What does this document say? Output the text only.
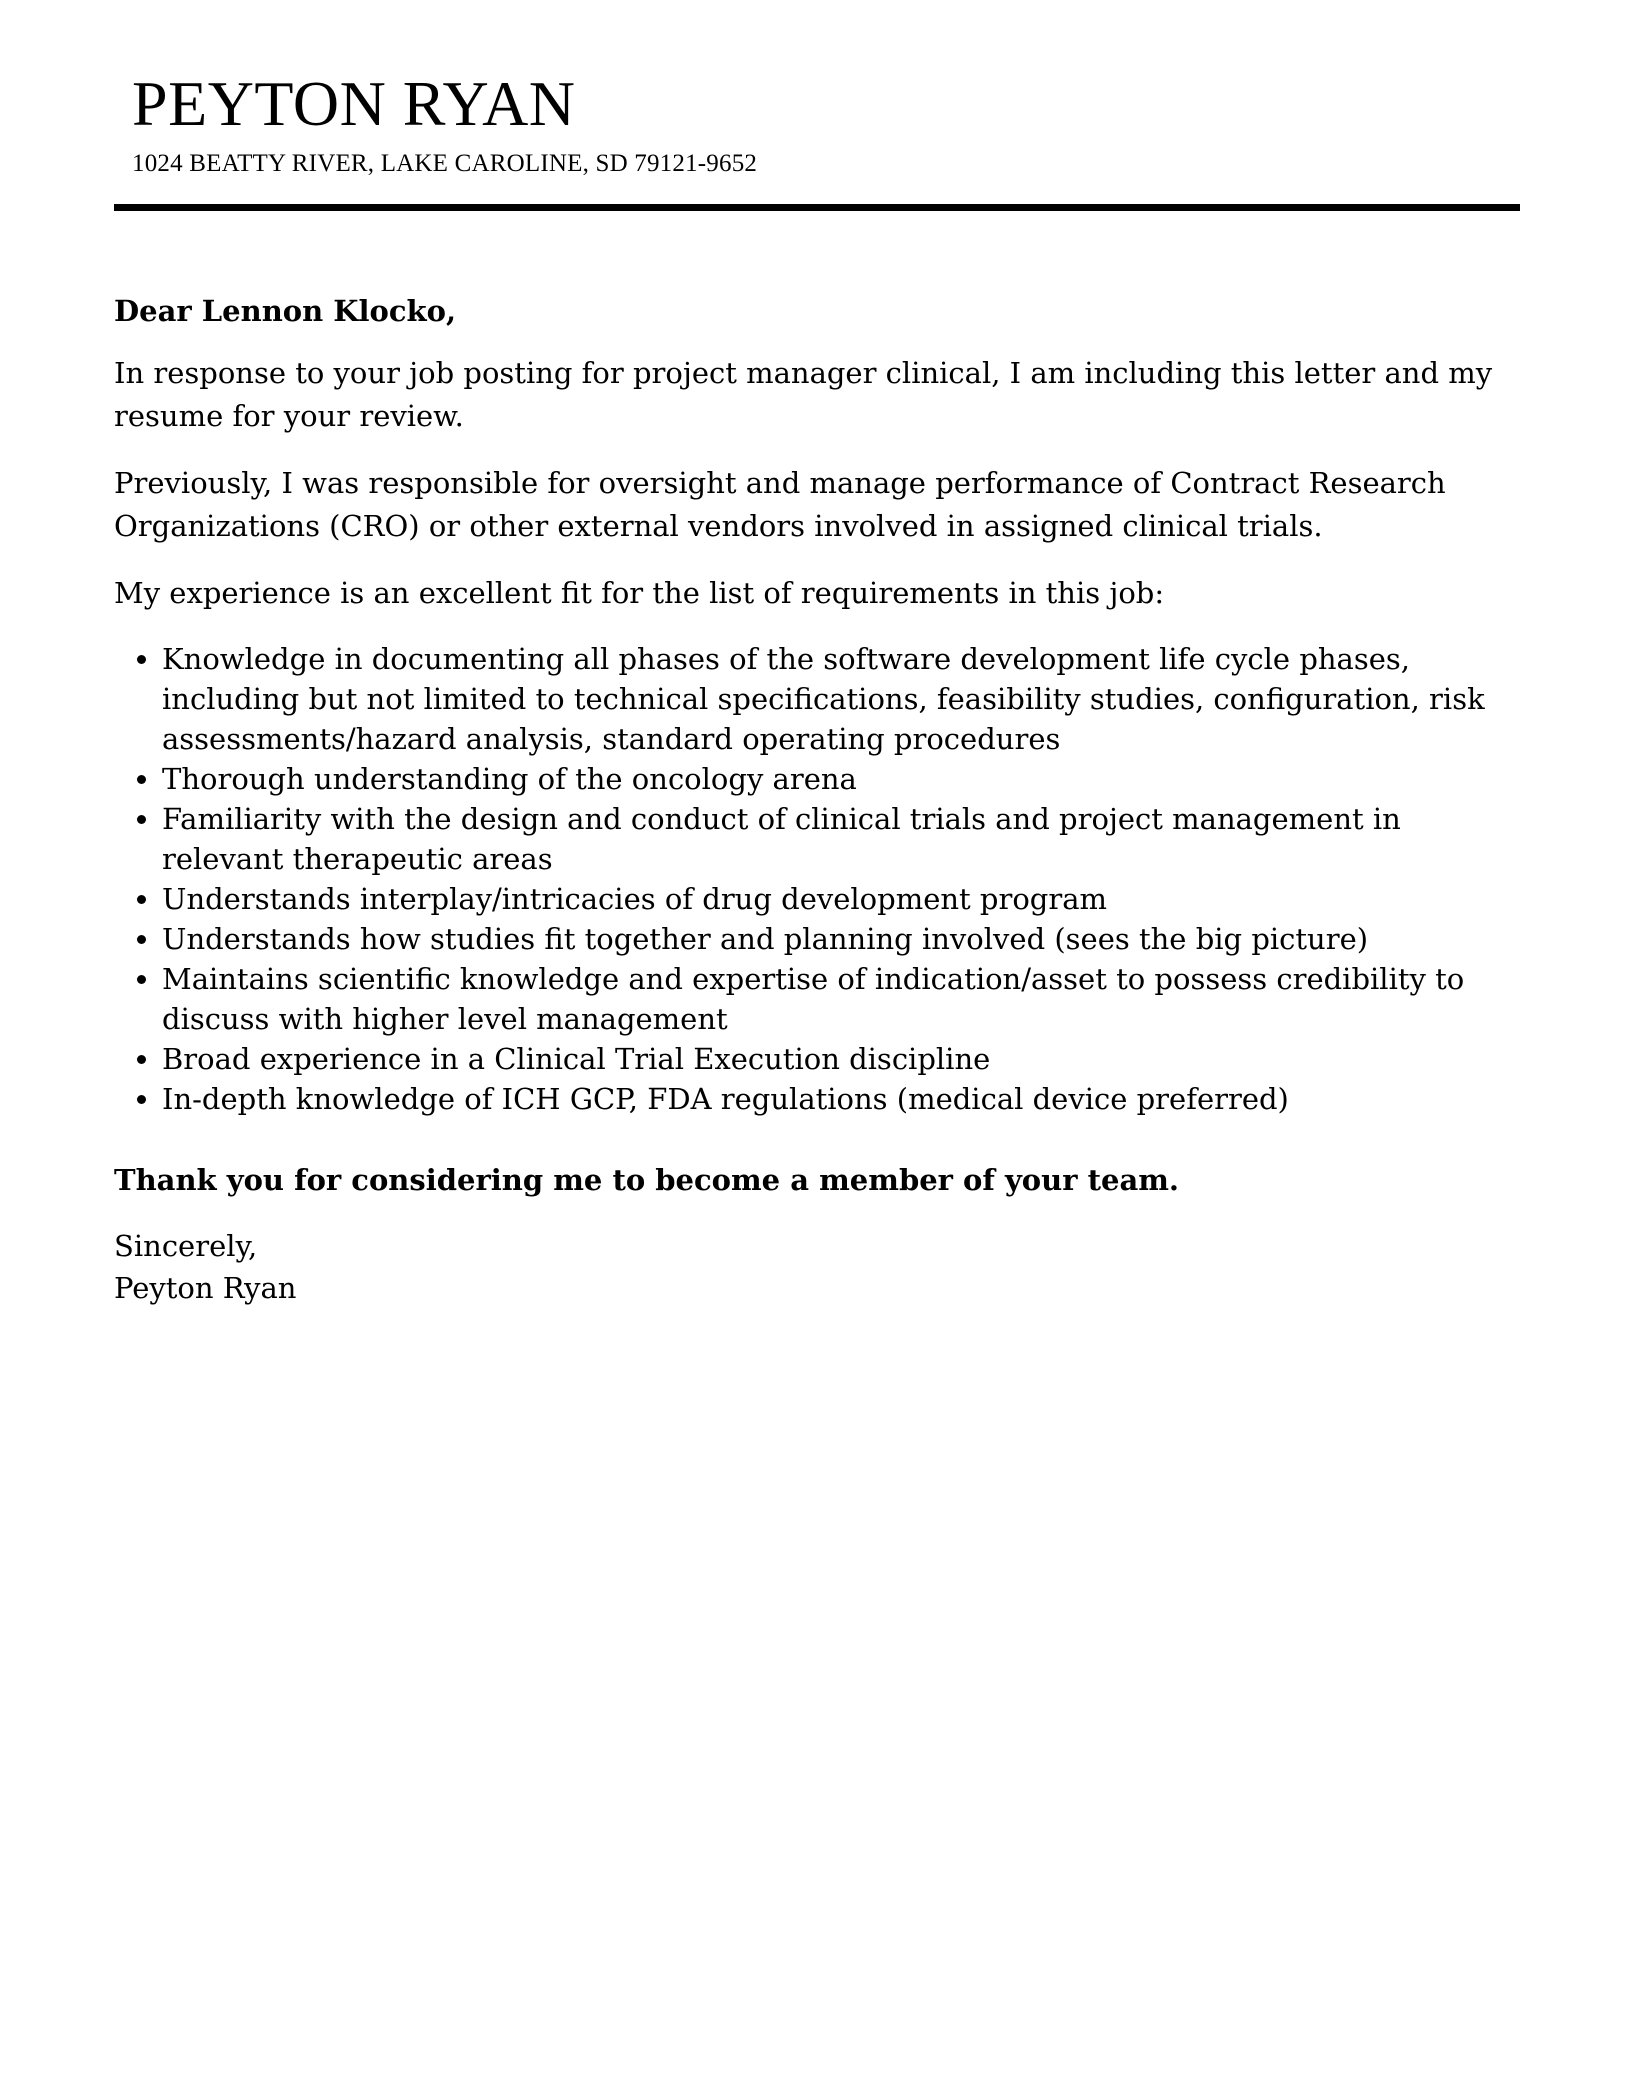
PEYTON RYAN
1024 BEATTY RIVER, LAKE CAROLINE, SD 79121-9652

Dear Lennon Klocko,

In response to your job posting for project manager clinical, I am including this letter and my resume for your review.

Previously, I was responsible for oversight and manage performance of Contract Research Organizations (CRO) or other external vendors involved in assigned clinical trials.

My experience is an excellent fit for the list of requirements in this job:

• Knowledge in documenting all phases of the software development life cycle phases, including but not limited to technical specifications, feasibility studies, configuration, risk assessments/hazard analysis, standard operating procedures
• Thorough understanding of the oncology arena
• Familiarity with the design and conduct of clinical trials and project management in relevant therapeutic areas
• Understands interplay/intricacies of drug development program
• Understands how studies fit together and planning involved (sees the big picture)
• Maintains scientific knowledge and expertise of indication/asset to possess credibility to discuss with higher level management
• Broad experience in a Clinical Trial Execution discipline
• In-depth knowledge of ICH GCP, FDA regulations (medical device preferred)

Thank you for considering me to become a member of your team.

Sincerely,

Peyton Ryan
